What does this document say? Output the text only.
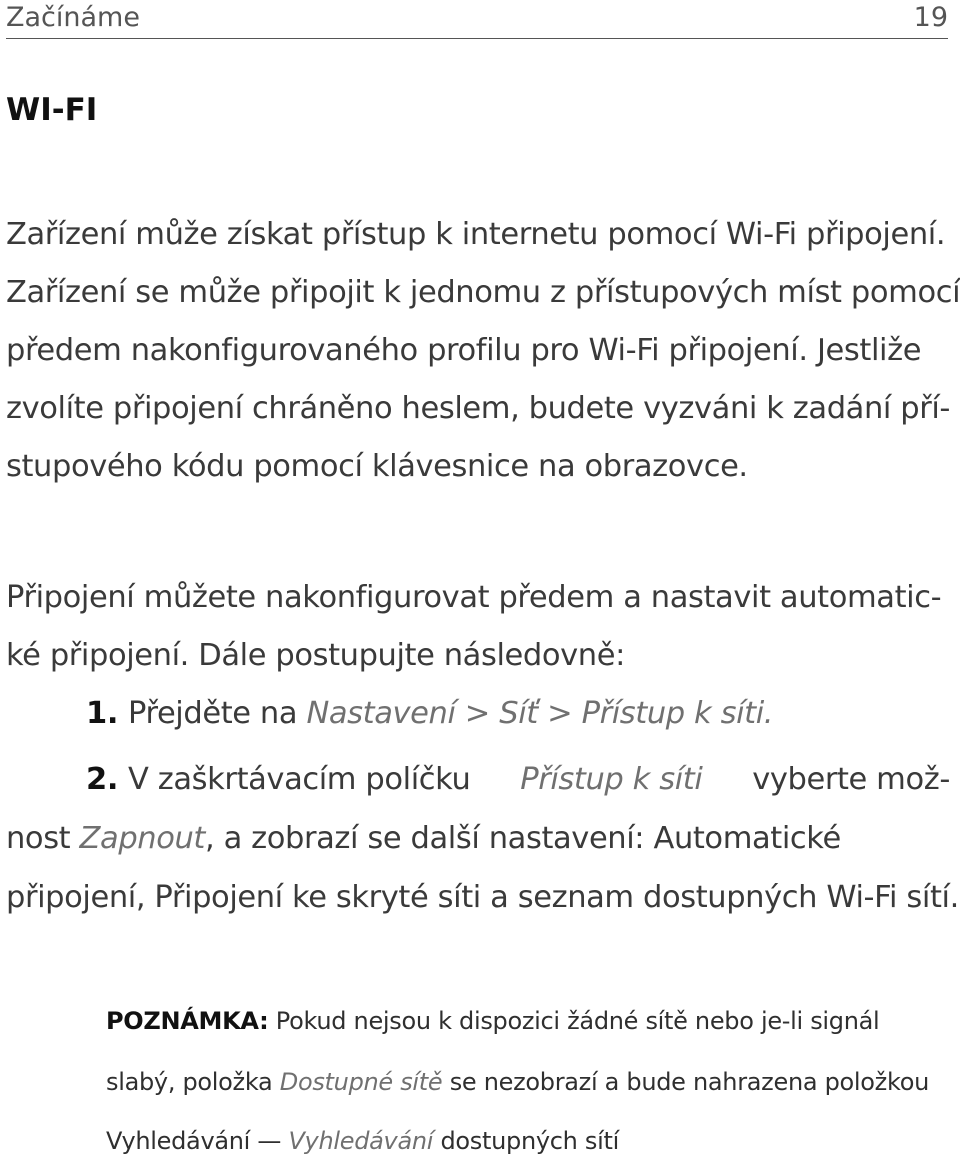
Začínáme	19
WI-FI
Zařízení může získat přístup k internetu pomocí Wi-Fi připojení.
Zařízení se může připojit k jednomu z přístupových míst pomocí
předem nakonfigurovaného profilu pro Wi-Fi připojení. Jestliže
zvolíte připojení chráněno heslem, budete vyzváni k zadání pří-
stupového kódu pomocí klávesnice na obrazovce.
Připojení můžete nakonfigurovat předem a nastavit automatic-
ké připojení. Dále postupujte následovně:
1. Přejděte na Nastavení > Síť > Přístup k síti.
2. V zaškrtávacím políčku Přístup k síti vyberte mož-
nost Zapnout, a zobrazí se další nastavení: Automatické
připojení, Připojení ke skryté síti a seznam dostupných Wi-Fi sítí.
POZNÁMKA: Pokud nejsou k dispozici žádné sítě nebo je-li signál
slabý, položka Dostupné sítě se nezobrazí a bude nahrazena položkou
Vyhledávání — Vyhledávání dostupných sítí
